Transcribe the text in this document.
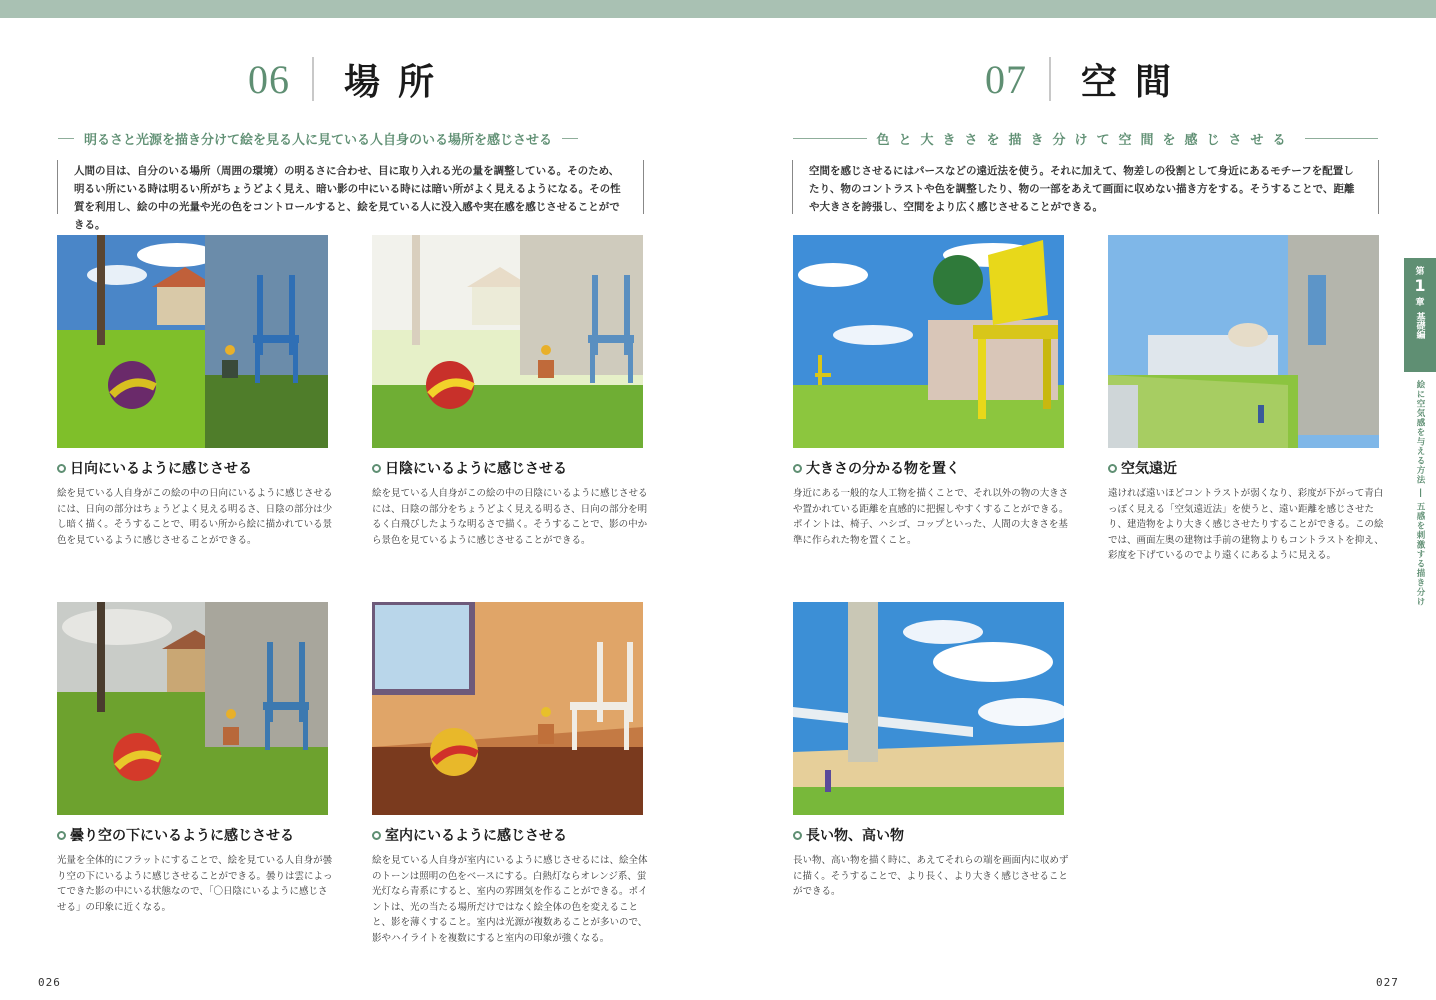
06 場所
明るさと光源を描き分けて絵を見る人に見ている人自身のいる場所を感じさせる
人間の目は、自分のいる場所（周囲の環境）の明るさに合わせ、目に取り入れる光の量を調整している。そのため、明るい所にいる時は明るい所がちょうどよく見え、暗い影の中にいる時には暗い所がよく見えるようになる。その性質を利用し、絵の中の光量や光の色をコントロールすると、絵を見ている人に没入感や実在感を感じさせることができる。
日向にいるように感じさせる
絵を見ている人自身がこの絵の中の日向にいるように感じさせるには、日向の部分はちょうどよく見える明るさ、日陰の部分は少し暗く描く。そうすることで、明るい所から絵に描かれている景色を見ているように感じさせることができる。
日陰にいるように感じさせる
絵を見ている人自身がこの絵の中の日陰にいるように感じさせるには、日陰の部分をちょうどよく見える明るさ、日向の部分を明るく白飛びしたような明るさで描く。そうすることで、影の中から景色を見ているように感じさせることができる。
曇り空の下にいるように感じさせる
光量を全体的にフラットにすることで、絵を見ている人自身が曇り空の下にいるように感じさせることができる。曇りは雲によってできた影の中にいる状態なので、「〇日陰にいるように感じさせる」の印象に近くなる。
室内にいるように感じさせる
絵を見ている人自身が室内にいるように感じさせるには、絵全体のトーンは照明の色をベースにする。白熱灯ならオレンジ系、蛍光灯なら青系にすると、室内の雰囲気を作ることができる。ポイントは、光の当たる場所だけではなく絵全体の色を変えることと、影を薄くすること。室内は光源が複数あることが多いので、影やハイライトを複数にすると室内の印象が強くなる。
026
07 空間
色と大きさを描き分けて空間を感じさせる
空間を感じさせるにはパースなどの遠近法を使う。それに加えて、物差しの役割として身近にあるモチーフを配置したり、物のコントラストや色を調整したり、物の一部をあえて画面に収めない描き方をする。そうすることで、距離や大きさを誇張し、空間をより広く感じさせることができる。
大きさの分かる物を置く
身近にある一般的な人工物を描くことで、それ以外の物の大きさや置かれている距離を直感的に把握しやすくすることができる。ポイントは、椅子、ハシゴ、コップといった、人間の大きさを基準に作られた物を置くこと。
空気遠近
遠ければ遠いほどコントラストが弱くなり、彩度が下がって青白っぽく見える「空気遠近法」を使うと、遠い距離を感じさせたり、建造物をより大きく感じさせたりすることができる。この絵では、画面左奥の建物は手前の建物よりもコントラストを抑え、彩度を下げているのでより遠くにあるように見える。
長い物、高い物
長い物、高い物を描く時に、あえてそれらの端を画面内に収めずに描く。そうすることで、より長く、より大きく感じさせることができる。
027
第
1
章
基礎編
絵に空気感を与える方法 ― 五感を刺激する描き分け
